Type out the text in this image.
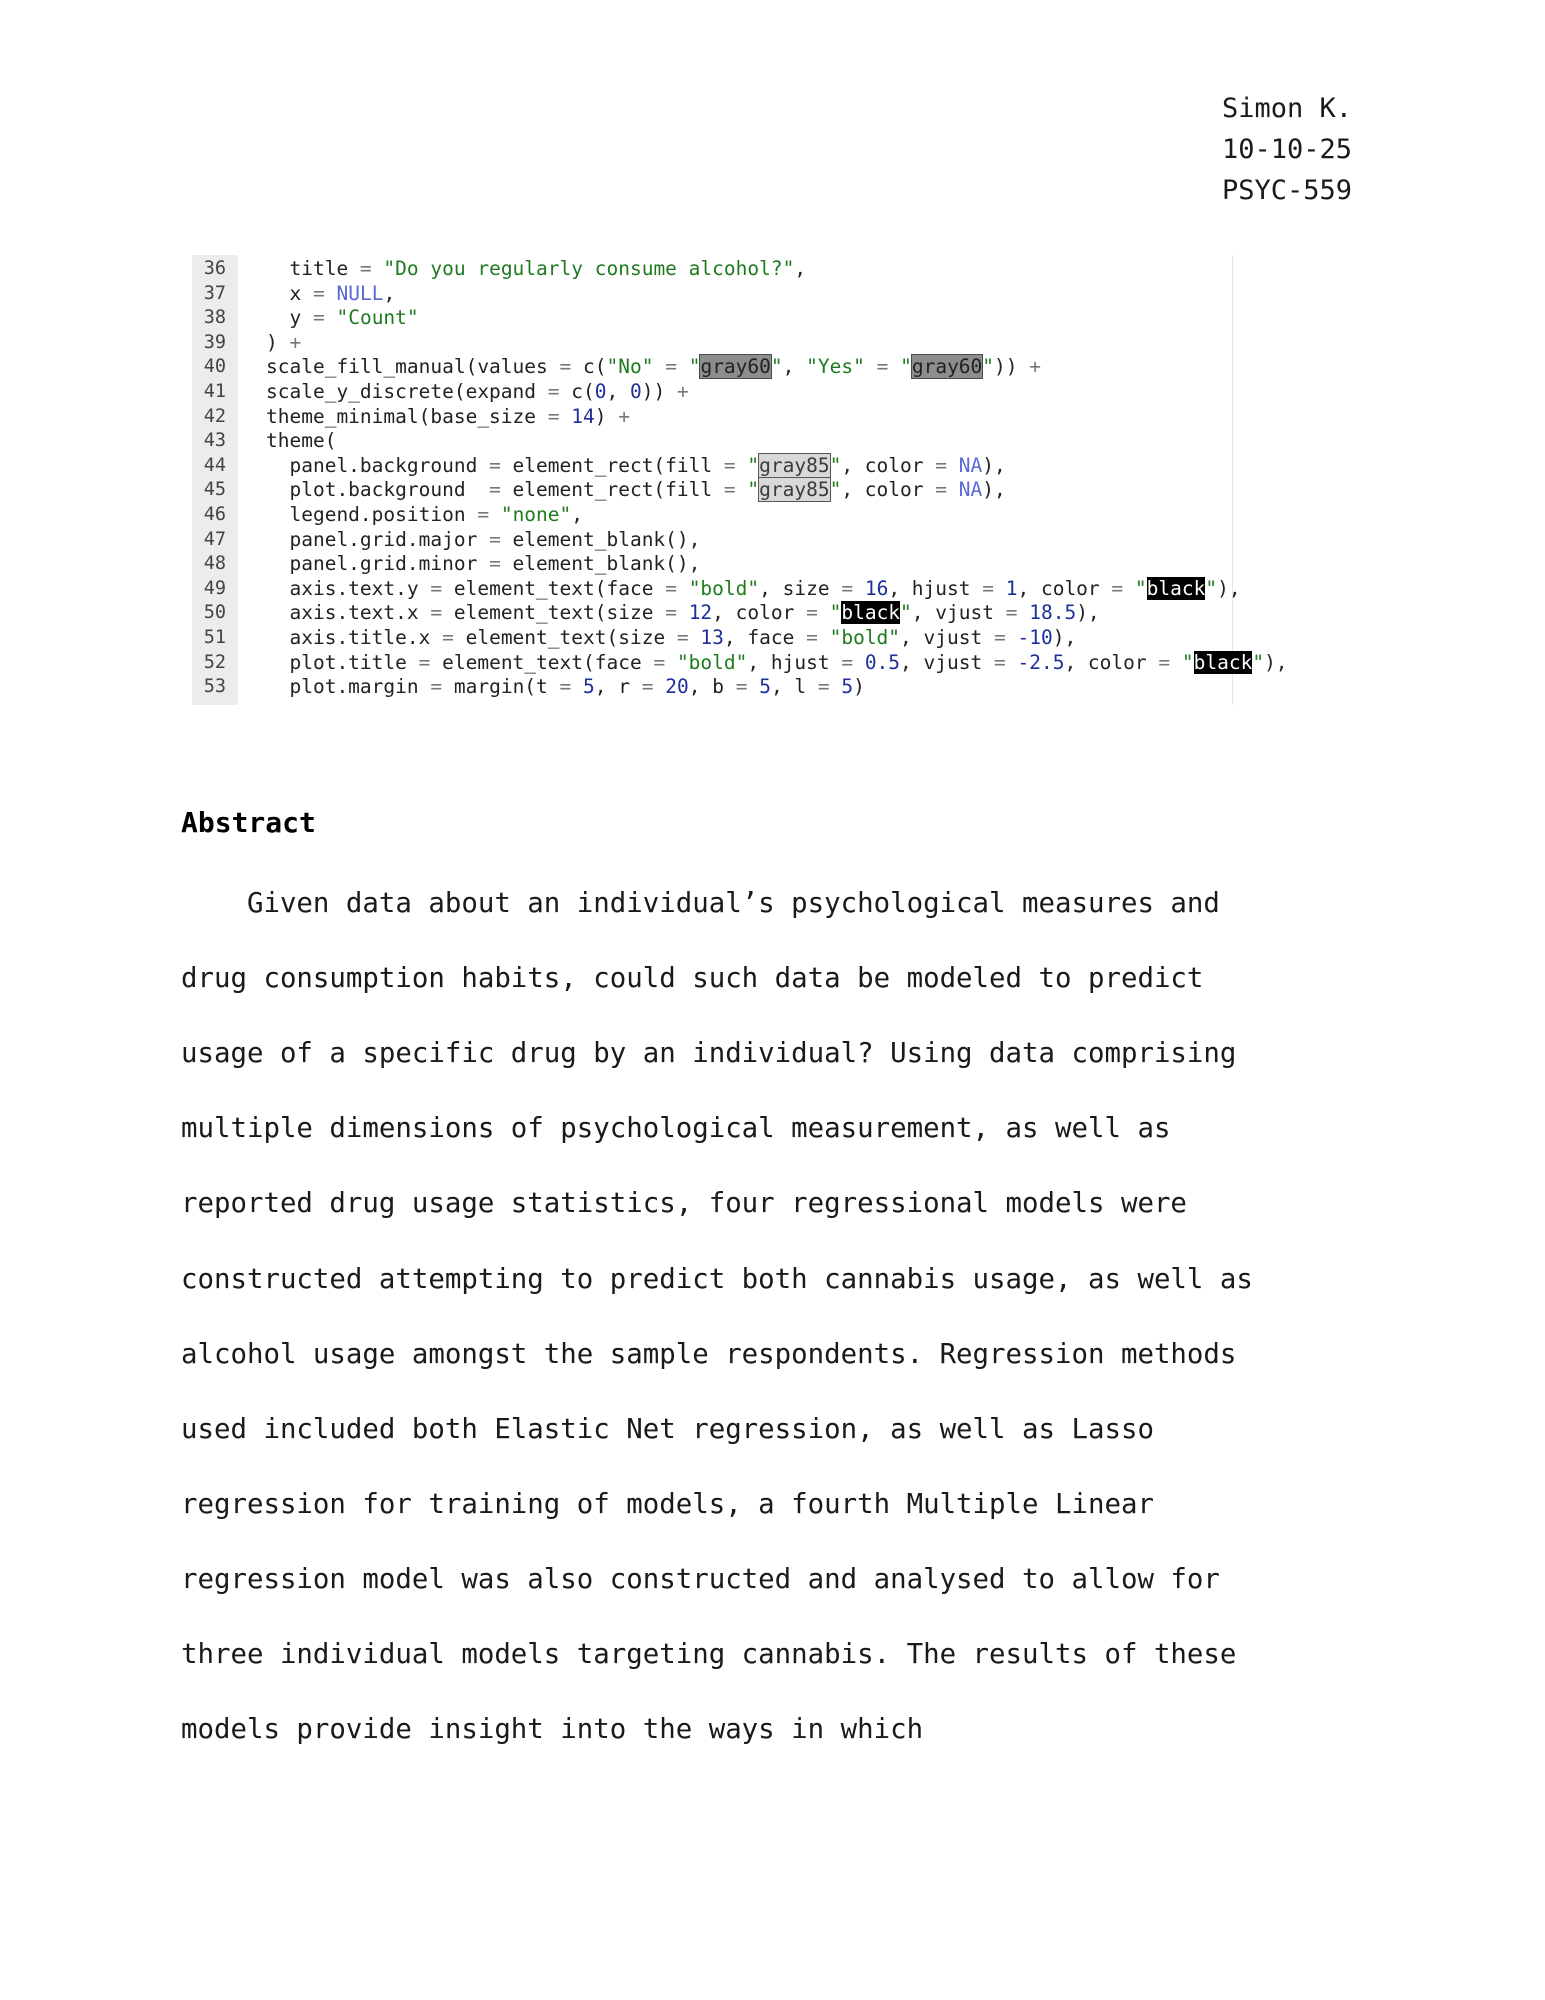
Simon K.
10-10-25
PSYC-559
36 title = "Do you regularly consume alcohol?",
37 x = NULL,
38 y = "Count"
39 ) +
40 scale_fill_manual(values = c("No" = "gray60", "Yes" = "gray60")) +
41 scale_y_discrete(expand = c(0, 0)) +
42 theme_minimal(base_size = 14) +
43 theme(
44 panel.background = element_rect(fill = "gray85", color = NA),
45 plot.background  = element_rect(fill = "gray85", color = NA),
46 legend.position = "none",
47 panel.grid.major = element_blank(),
48 panel.grid.minor = element_blank(),
49 axis.text.y = element_text(face = "bold", size = 16, hjust = 1, color = "black"),
50 axis.text.x = element_text(size = 12, color = "black", vjust = 18.5),
51 axis.title.x = element_text(size = 13, face = "bold", vjust = -10),
52 plot.title = element_text(face = "bold", hjust = 0.5, vjust = -2.5, color = "black"),
53 plot.margin = margin(t = 5, r = 20, b = 5, l = 5)
Abstract
Given data about an individual’s psychological measures and
drug consumption habits, could such data be modeled to predict
usage of a specific drug by an individual? Using data comprising
multiple dimensions of psychological measurement, as well as
reported drug usage statistics, four regressional models were
constructed attempting to predict both cannabis usage, as well as
alcohol usage amongst the sample respondents. Regression methods
used included both Elastic Net regression, as well as Lasso
regression for training of models, a fourth Multiple Linear
regression model was also constructed and analysed to allow for
three individual models targeting cannabis. The results of these
models provide insight into the ways in which
